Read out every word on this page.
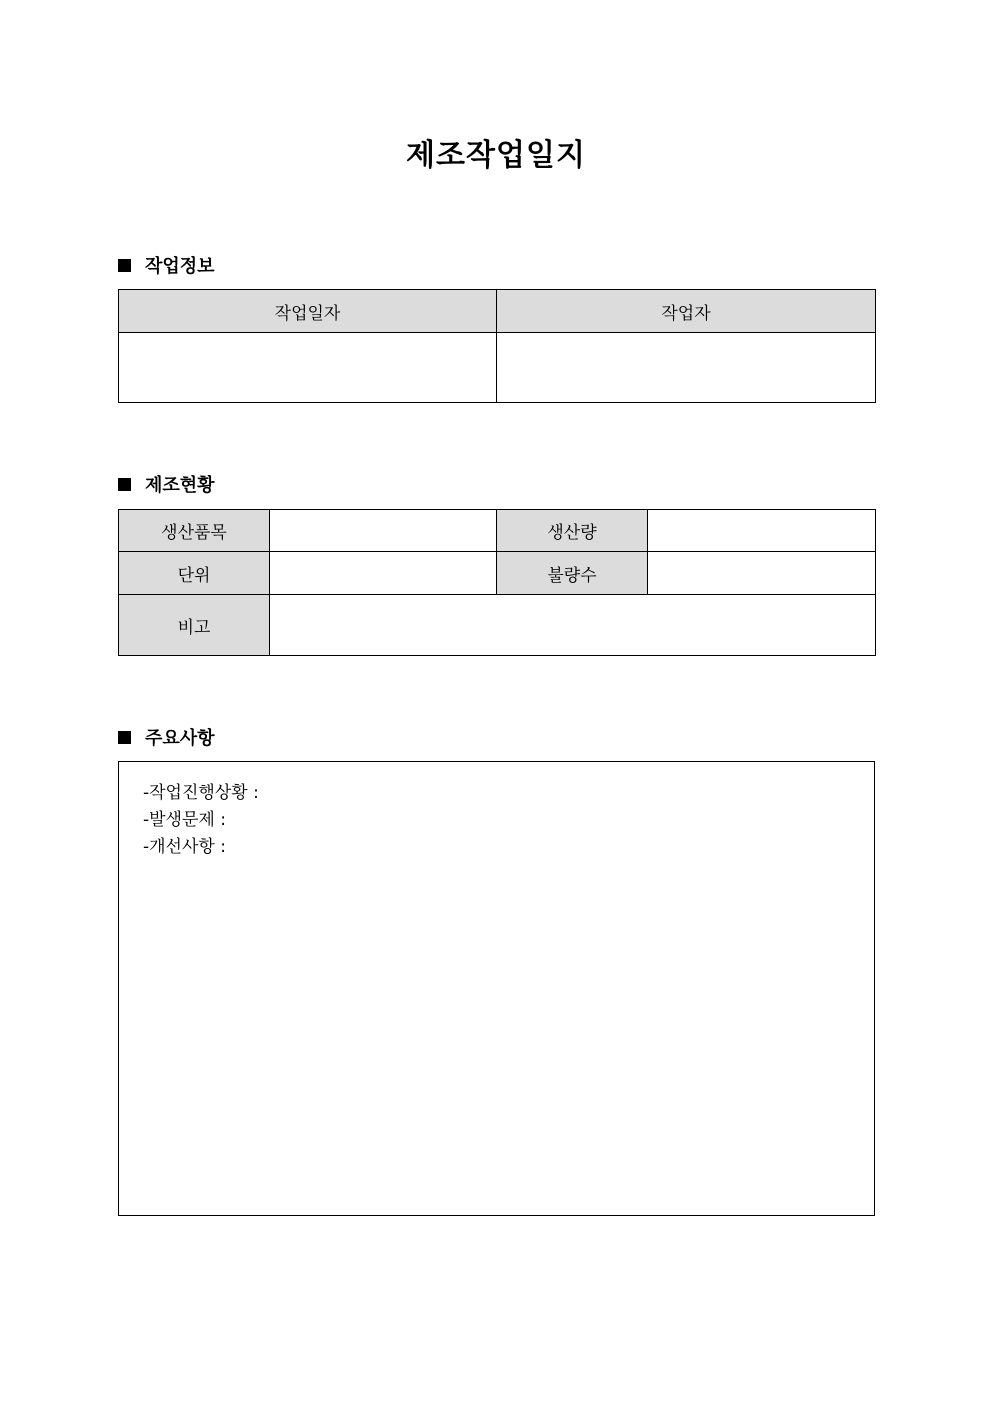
제조작업일지
작업정보
작업일자	작업자

제조현황
생산품목		생산량	
단위		불량수	
비고			
주요사항
-작업진행상황 :
-발생문제 :
-개선사항 :
